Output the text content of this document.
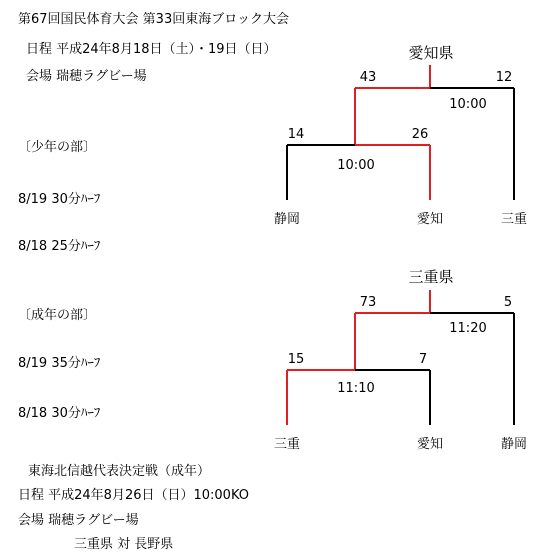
第67回国民体育大会 第33回東海ブロック大会
日程 平成24年8月18日（土）・19日（日）
会場 瑞穂ラグビー場
愛知県
43	12
10:00
14	26
10:00
〔少年の部〕
8/19 30分ﾊｰﾌ
8/18 25分ﾊｰﾌ
静岡	愛知	三重
三重県
73	5
11:20
15	7
11:10
〔成年の部〕
8/19 35分ﾊｰﾌ
8/18 30分ﾊｰﾌ
三重	愛知	静岡
東海北信越代表決定戦（成年）
日程 平成24年8月26日（日）10:00KO
会場 瑞穂ラグビー場
三重県 対 長野県
